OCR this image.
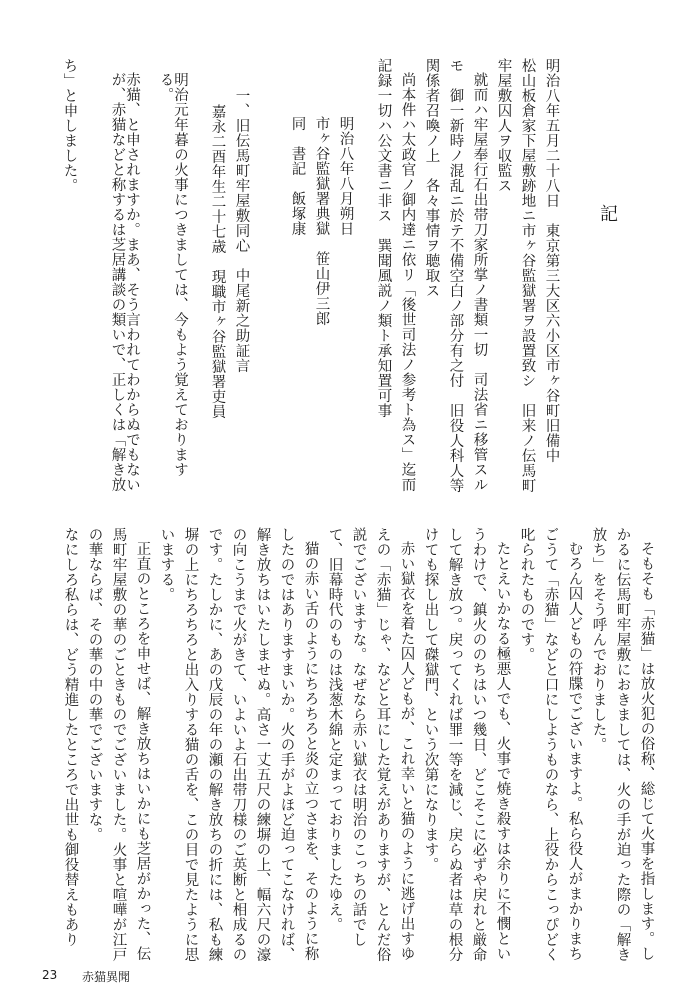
記
明治八年五月二十八日　東京第三大区六小区市ヶ谷町旧備中
松山板倉家下屋敷跡地ニ市ヶ谷監獄署ヲ設置致シ　旧来ノ伝馬町
牢屋敷囚人ヲ収監ス
就而ハ牢屋奉行石出帯刀家所掌ノ書類一切　司法省ニ移管スル
モ　御一新時ノ混乱ニ於テ不備空白ノ部分有之付　旧役人科人等
関係者召喚ノ上　各々事情ヲ聴取ス
尚本件ハ太政官ノ御内達ニ依リ「後世司法ノ参考ト為ス」迄而
記録一切ハ公文書ニ非ス　巽聞風説ノ類ト承知置可事
明治八年八月朔日
市ヶ谷監獄署典獄　笹山伊三郎
同　書記　飯塚康
一、旧伝馬町牢屋敷同心　中尾新之助証言
嘉永二酉年生二十七歳　現職市ヶ谷監獄署吏員
明治元年暮の火事につきましては、今もよう覚えておりまする。
赤猫、と申されますか。まあ、そう言われてわからぬでもないが、赤猫などと称するは芝居講談の類いで、正しくは「解き放
ち」と申しました。
そもそも「赤猫」は放火犯の俗称、総じて火事を指します。し
かるに伝馬町牢屋敷におきましては、火の手が迫った際の「解き
放ち」をそう呼んでおりました。
むろん囚人どもの符牒でございますよ。私ら役人がまかりまち
ごうて「赤猫」などと口にしようものなら、上役からこっぴどく
叱られたものです。
たとえいかなる極悪人でも、火事で焼き殺すは余りに不憫とい
うわけで、鎮火ののちはいつ幾日、どこそこに必ずや戻れと厳命
して解き放つ。戻ってくれば罪一等を減じ、戻らぬ者は草の根分
けても探し出して磔獄門、という次第になります。
赤い獄衣を着た囚人どもが、これ幸いと猫のように逃げ出すゆ
えの「赤猫」じゃ、などと耳にした覚えがありますが、とんだ俗
説でございますな。なぜなら赤い獄衣は明治のこっちの話でし
て、旧幕時代のものは浅葱木綿と定まっておりましたゆえ。
猫の赤い舌のようにちろちろと炎の立つさまを、そのように称
したのではありますまいか。火の手がよほど迫ってこなければ、
解き放ちはいたしませぬ。高さ一丈五尺の練塀の上、幅六尺の濠
の向こうまで火がきて、いよいよ石出帯刀様のご英断と相成るの
です。たしかに、あの戊辰の年の瀬の解き放ちの折には、私も練
塀の上にちろちろと出入りする猫の舌を、この目で見たように思
いまする。
正直のところを申せば、解き放ちはいかにも芝居がかった、伝
馬町牢屋敷の華のごときものでございました。火事と喧嘩が江戸
の華ならば、その華の中の華でございますな。
なにしろ私らは、どう精進したところで出世も御役替えもあり
23 赤猫異聞
